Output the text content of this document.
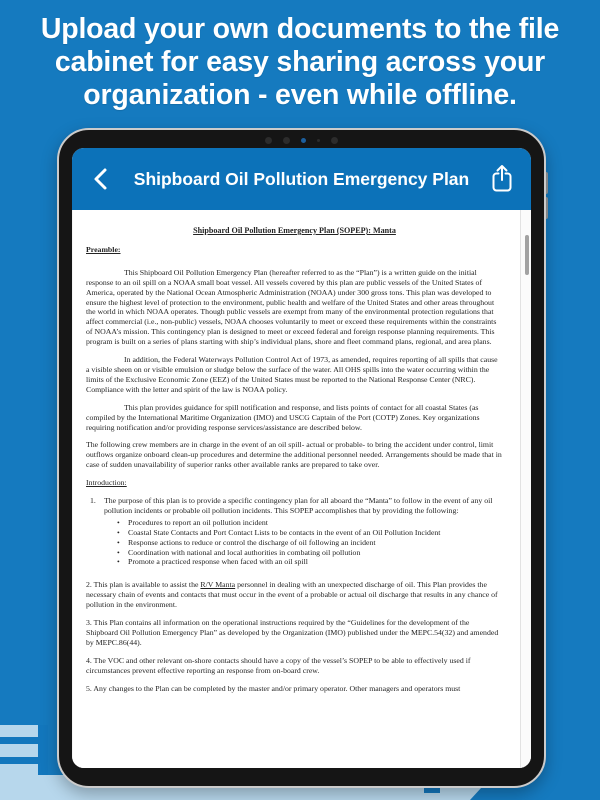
Upload your own documents to the file
cabinet for easy sharing across your
organization - even while offline.
Shipboard Oil Pollution Emergency Plan
Shipboard Oil Pollution Emergency Plan (SOPEP): Manta
Preamble:

This Shipboard Oil Pollution Emergency Plan (hereafter referred to as the “Plan”) is a written guide on the initial response to an oil spill on a NOAA small boat vessel. All vessels covered by this plan are public vessels of the United States of America, operated by the National Ocean Atmospheric Administration (NOAA) under 300 gross tons. This plan was developed to ensure the highest level of protection to the environment, public health and welfare of the United States and other areas throughout the world in which NOAA operates. Though public vessels are exempt from many of the environmental protection regulations that affect commercial (i.e., non-public) vessels, NOAA chooses voluntarily to meet or exceed these requirements within the constraints of NOAA’s mission. This contingency plan is designed to meet or exceed federal and foreign response planning requirements. This program is built on a series of plans starting with ship’s individual plans, shore and fleet command plans, regional, and area plans.

In addition, the Federal Waterways Pollution Control Act of 1973, as amended, requires reporting of all spills that cause a visible sheen on or visible emulsion or sludge below the surface of the water. All OHS spills into the water occurring within the limits of the Exclusive Economic Zone (EEZ) of the United States must be reported to the National Response Center (NRC). Compliance with the letter and spirit of the law is NOAA policy.

This plan provides guidance for spill notification and response, and lists points of contact for all coastal States (as compiled by the International Maritime Organization (IMO) and USCG Captain of the Port (COTP) Zones. Key organizations requiring notification and/or providing response services/assistance are described below.

The following crew members are in charge in the event of an oil spill- actual or probable- to bring the accident under control, limit outflows organize onboard clean-up procedures and determine the additional personnel needed. Arrangements should be made that in case of sudden unavailability of superior ranks other available ranks are prepared to take over.

Introduction:
1.	The purpose of this plan is to provide a specific contingency plan for all aboard the “Manta” to follow in the event of any oil pollution incidents or probable oil pollution incidents. This SOPEP accomplishes that by providing the following:
• Procedures to report an oil pollution incident
• Coastal State Contacts and Port Contact Lists to be contacts in the event of an Oil Pollution Incident
• Response actions to reduce or control the discharge of oil following an incident
• Coordination with national and local authorities in combating oil pollution
• Promote a practiced response when faced with an oil spill

2. This plan is available to assist the R/V Manta personnel in dealing with an unexpected discharge of oil. This Plan provides the necessary chain of events and contacts that must occur in the event of a probable or actual oil discharge that results in any chance of pollution in the environment.

3. This Plan contains all information on the operational instructions required by the “Guidelines for the development of the Shipboard Oil Pollution Emergency Plan” as developed by the Organization (IMO) published under the MEPC.54(32) and amended by MEPC.86(44).

4. The VOC and other relevant on-shore contacts should have a copy of the vessel’s SOPEP to be able to effectively used if circumstances prevent effective reporting an response from on-board crew.

5. Any changes to the Plan can be completed by the master and/or primary operator. Other managers and operators must
